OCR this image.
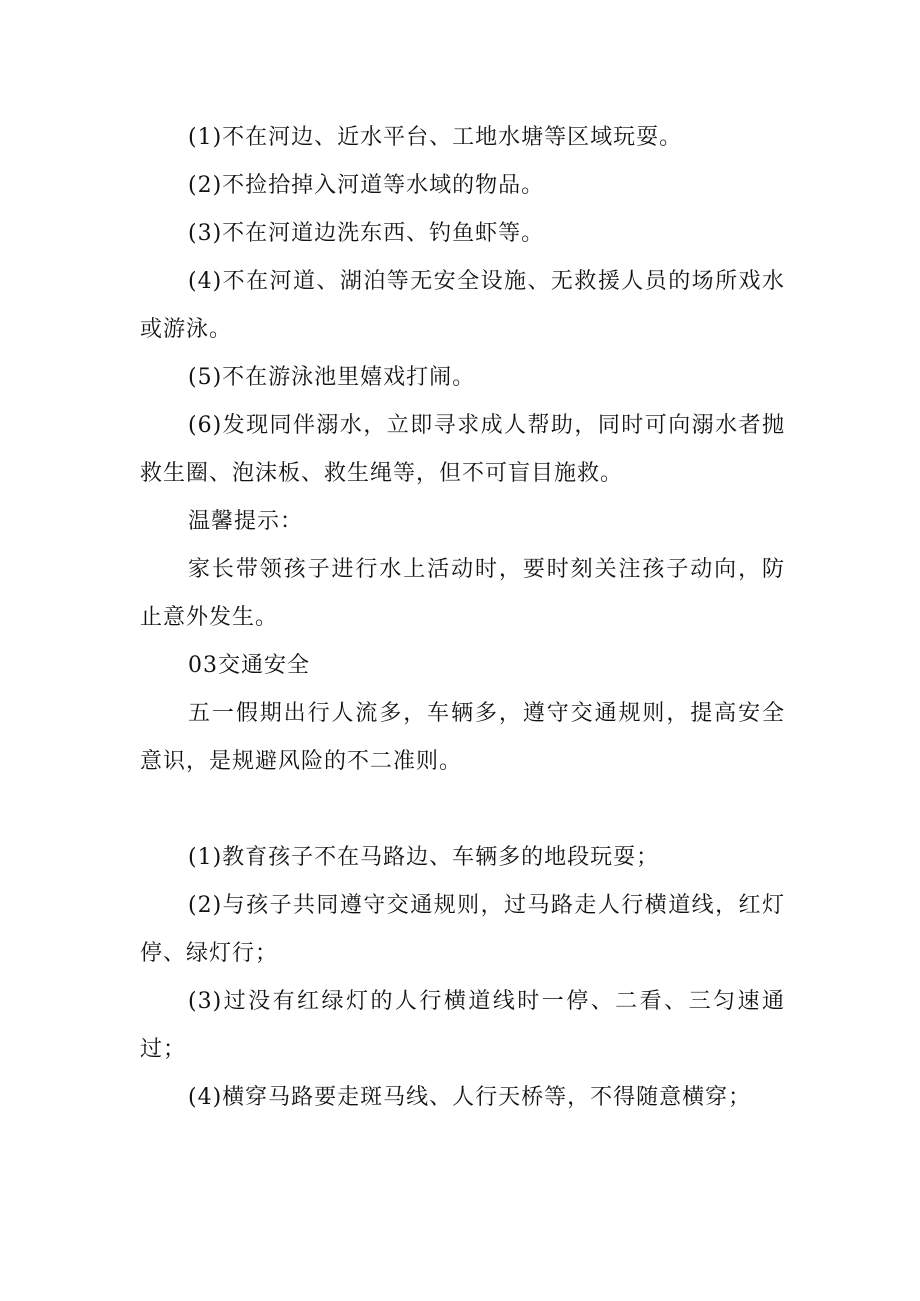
(1)不在河边、近水平台、工地水塘等区域玩耍。

(2)不捡拾掉入河道等水域的物品。

(3)不在河道边洗东西、钓鱼虾等。

(4)不在河道、湖泊等无安全设施、无救援人员的场所戏水或游泳。

(5)不在游泳池里嬉戏打闹。

(6)发现同伴溺水，立即寻求成人帮助，同时可向溺水者抛救生圈、泡沫板、救生绳等，但不可盲目施救。

温馨提示：

家长带领孩子进行水上活动时，要时刻关注孩子动向，防止意外发生。

03交通安全

五一假期出行人流多，车辆多，遵守交通规则，提高安全意识，是规避风险的不二准则。

(1)教育孩子不在马路边、车辆多的地段玩耍；

(2)与孩子共同遵守交通规则，过马路走人行横道线，红灯停、绿灯行；

(3)过没有红绿灯的人行横道线时一停、二看、三匀速通过；

(4)横穿马路要走斑马线、人行天桥等，不得随意横穿；
